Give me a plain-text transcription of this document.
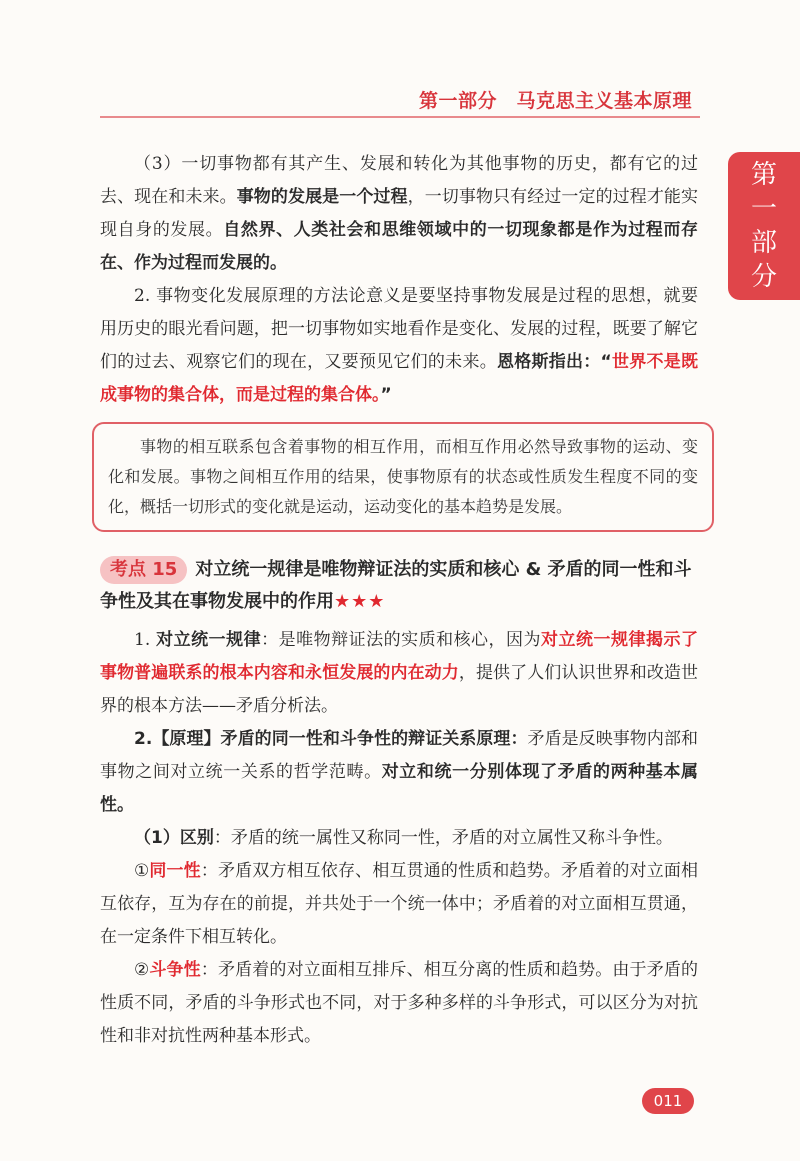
第一部分　马克思主义基本原理
第
一
部
分

（3）一切事物都有其产生、发展和转化为其他事物的历史，都有它的过去、现在和未来。事物的发展是一个过程，一切事物只有经过一定的过程才能实现自身的发展。自然界、人类社会和思维领域中的一切现象都是作为过程而存在、作为过程而发展的。

2. 事物变化发展原理的方法论意义是要坚持事物发展是过程的思想，就要用历史的眼光看问题，把一切事物如实地看作是变化、发展的过程，既要了解它们的过去、观察它们的现在，又要预见它们的未来。恩格斯指出：“世界不是既成事物的集合体，而是过程的集合体。”

事物的相互联系包含着事物的相互作用，而相互作用必然导致事物的运动、变化和发展。事物之间相互作用的结果，使事物原有的状态或性质发生程度不同的变化，概括一切形式的变化就是运动，运动变化的基本趋势是发展。

考点 15 对立统一规律是唯物辩证法的实质和核心 & 矛盾的同一性和斗争性及其在事物发展中的作用★★★

1. 对立统一规律：是唯物辩证法的实质和核心，因为对立统一规律揭示了事物普遍联系的根本内容和永恒发展的内在动力，提供了人们认识世界和改造世界的根本方法——矛盾分析法。

2.【原理】矛盾的同一性和斗争性的辩证关系原理：矛盾是反映事物内部和事物之间对立统一关系的哲学范畴。对立和统一分别体现了矛盾的两种基本属性。

（1）区别：矛盾的统一属性又称同一性，矛盾的对立属性又称斗争性。

①同一性：矛盾双方相互依存、相互贯通的性质和趋势。矛盾着的对立面相互依存，互为存在的前提，并共处于一个统一体中；矛盾着的对立面相互贯通，在一定条件下相互转化。

②斗争性：矛盾着的对立面相互排斥、相互分离的性质和趋势。由于矛盾的性质不同，矛盾的斗争形式也不同，对于多种多样的斗争形式，可以区分为对抗性和非对抗性两种基本形式。

011
